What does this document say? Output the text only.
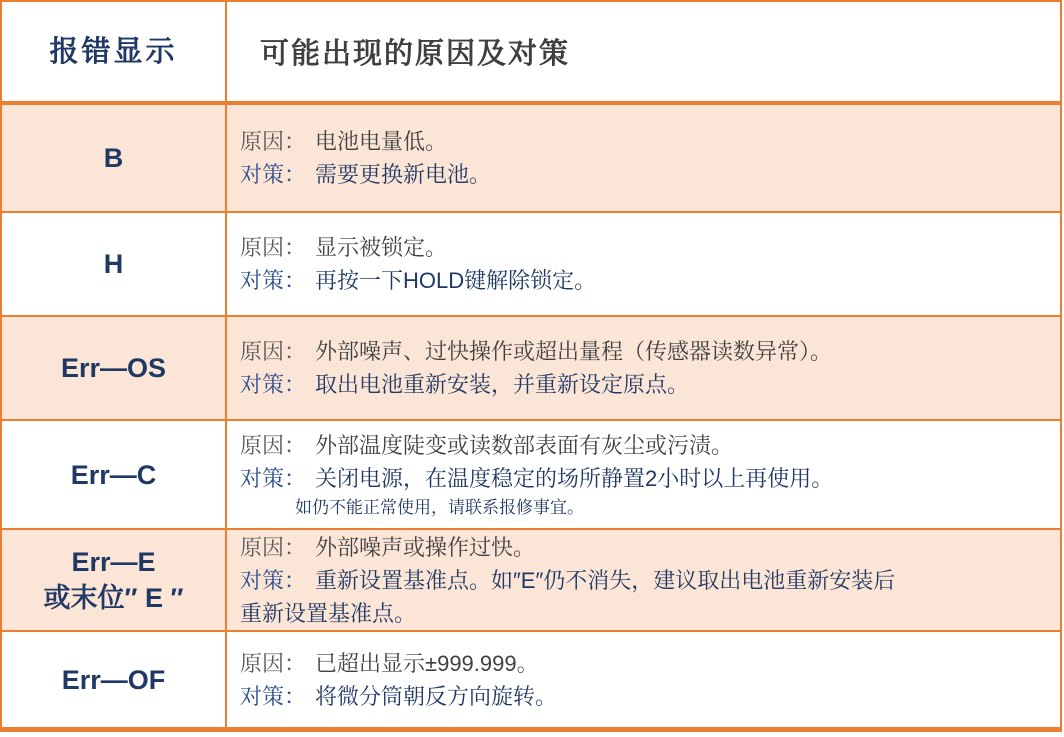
报错显示	可能出现的原因及对策
B
原因： 电池电量低。
对策： 需要更换新电池。
H
原因： 显示被锁定。
对策： 再按一下HOLD键解除锁定。
Err—OS
原因： 外部噪声、过快操作或超出量程（传感器读数异常）。
对策： 取出电池重新安装，并重新设定原点。
Err—C
原因： 外部温度陡变或读数部表面有灰尘或污渍。
对策： 关闭电源，在温度稳定的场所静置2小时以上再使用。
如仍不能正常使用，请联系报修事宜。
Err—E
或末位″ E ″
原因： 外部噪声或操作过快。
对策： 重新设置基准点。如″E″仍不消失，建议取出电池重新安装后
重新设置基准点。
Err—OF
原因： 已超出显示±999.999。
对策： 将微分筒朝反方向旋转。
